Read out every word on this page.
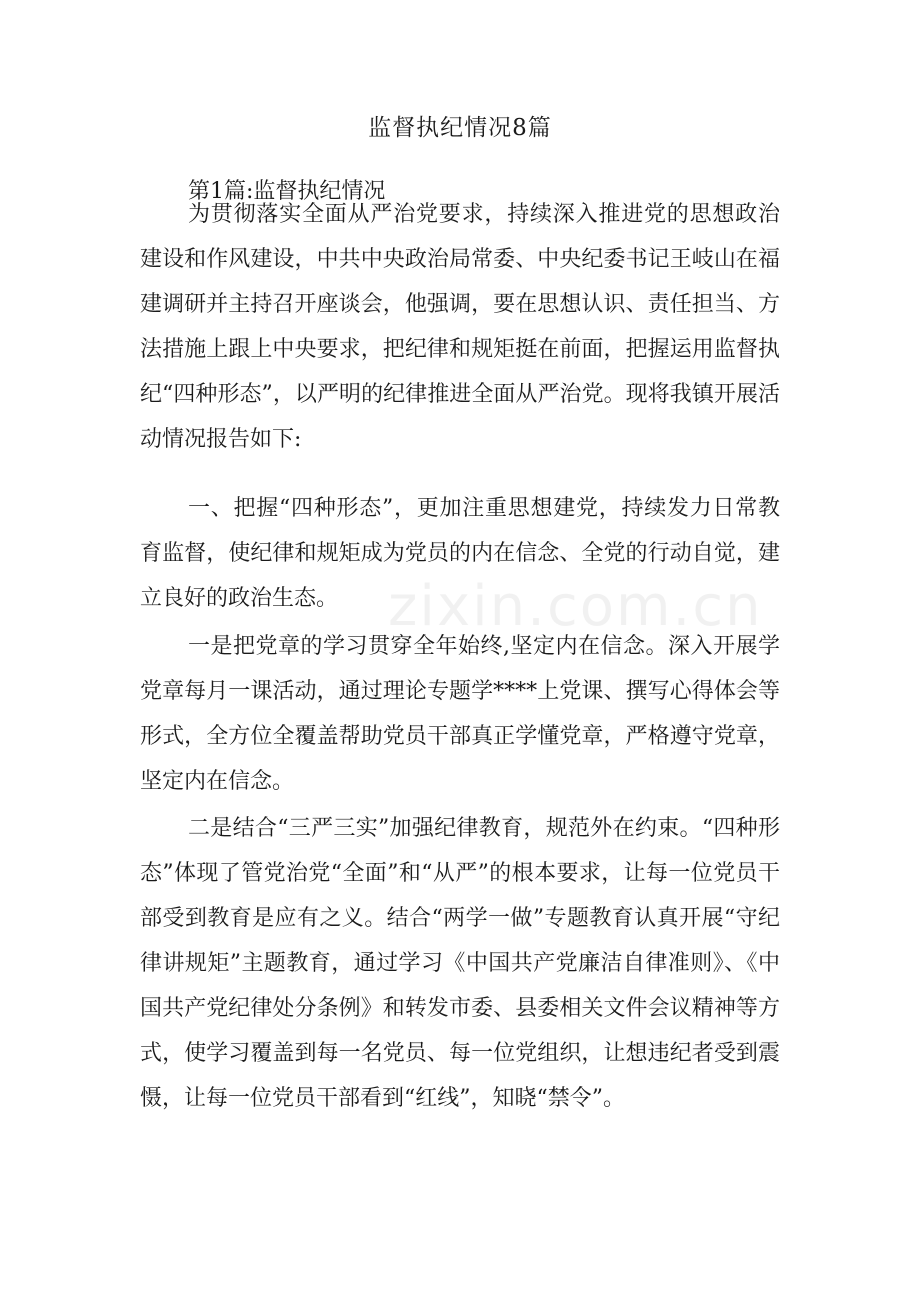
zixin.com.cn
监督执纪情况8篇
第1篇:监督执纪情况

为贯彻落实全面从严治党要求，持续深入推进党的思想政治建设和作风建设，中共中央政治局常委、中央纪委书记王岐山在福建调研并主持召开座谈会，他强调，要在思想认识、责任担当、方法措施上跟上中央要求，把纪律和规矩挺在前面，把握运用监督执纪“四种形态”，以严明的纪律推进全面从严治党。现将我镇开展活动情况报告如下:

一、把握“四种形态”，更加注重思想建党，持续发力日常教育监督，使纪律和规矩成为党员的内在信念、全党的行动自觉，建立良好的政治生态。

一是把党章的学习贯穿全年始终,坚定内在信念。深入开展学党章每月一课活动，通过理论专题学****上党课、撰写心得体会等形式，全方位全覆盖帮助党员干部真正学懂党章，严格遵守党章，坚定内在信念。

二是结合“三严三实”加强纪律教育，规范外在约束。“四种形态”体现了管党治党“全面”和“从严”的根本要求，让每一位党员干部受到教育是应有之义。结合“两学一做”专题教育认真开展“守纪律讲规矩”主题教育，通过学习《中国共产党廉洁自律准则》、《中国共产党纪律处分条例》和转发市委、县委相关文件会议精神等方式，使学习覆盖到每一名党员、每一位党组织，让想违纪者受到震慑，让每一位党员干部看到“红线”，知晓“禁令”。
